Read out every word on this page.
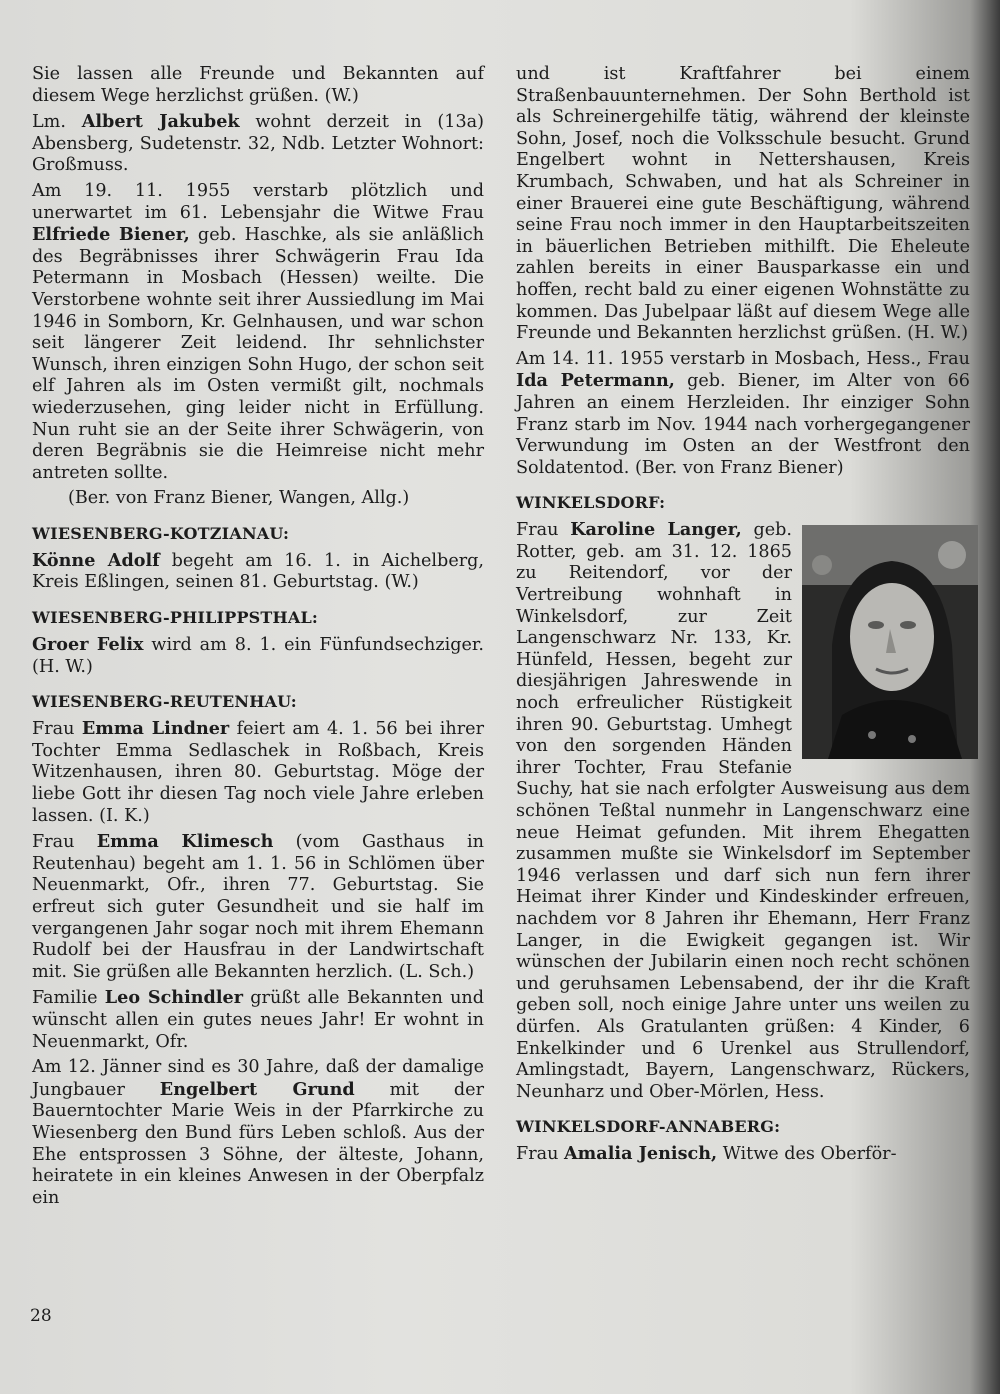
Sie lassen alle Freunde und Bekannten auf diesem Wege herzlichst grüßen. (W.)

Lm. Albert Jakubek wohnt derzeit in (13a) Abensberg, Sudetenstr. 32, Ndb. Letzter Wohnort: Großmuss.

Am 19. 11. 1955 verstarb plötzlich und unerwartet im 61. Lebensjahr die Witwe Frau Elfriede Biener, geb. Haschke, als sie anläßlich des Begräbnisses ihrer Schwägerin Frau Ida Petermann in Mosbach (Hessen) weilte. Die Verstorbene wohnte seit ihrer Aussiedlung im Mai 1946 in Somborn, Kr. Gelnhausen, und war schon seit längerer Zeit leidend. Ihr sehnlichster Wunsch, ihren einzigen Sohn Hugo, der schon seit elf Jahren als im Osten vermißt gilt, nochmals wiederzusehen, ging leider nicht in Erfüllung. Nun ruht sie an der Seite ihrer Schwägerin, von deren Begräbnis sie die Heimreise nicht mehr antreten sollte.

(Ber. von Franz Biener, Wangen, Allg.)

WIESENBERG-KOTZIANAU:

Könne Adolf begeht am 16. 1. in Aichelberg, Kreis Eßlingen, seinen 81. Geburtstag. (W.)

WIESENBERG-PHILIPPSTHAL:

Groer Felix wird am 8. 1. ein Fünfundsechziger. (H. W.)

WIESENBERG-REUTENHAU:

Frau Emma Lindner feiert am 4. 1. 56 bei ihrer Tochter Emma Sedlaschek in Roßbach, Kreis Witzenhausen, ihren 80. Geburtstag. Möge der liebe Gott ihr diesen Tag noch viele Jahre erleben lassen. (I. K.)

Frau Emma Klimesch (vom Gasthaus in Reutenhau) begeht am 1. 1. 56 in Schlömen über Neuenmarkt, Ofr., ihren 77. Geburtstag. Sie erfreut sich guter Gesundheit und sie half im vergangenen Jahr sogar noch mit ihrem Ehemann Rudolf bei der Hausfrau in der Landwirtschaft mit. Sie grüßen alle Bekannten herzlich. (L. Sch.)

Familie Leo Schindler grüßt alle Bekannten und wünscht allen ein gutes neues Jahr! Er wohnt in Neuenmarkt, Ofr.

Am 12. Jänner sind es 30 Jahre, daß der damalige Jungbauer Engelbert Grund mit der Bauerntochter Marie Weis in der Pfarrkirche zu Wiesenberg den Bund fürs Leben schloß. Aus der Ehe entsprossen 3 Söhne, der älteste, Johann, heiratete in ein kleines Anwesen in der Oberpfalz ein

und ist Kraftfahrer bei einem Straßenbauunternehmen. Der Sohn Berthold ist als Schreinergehilfe tätig, während der kleinste Sohn, Josef, noch die Volksschule besucht. Grund Engelbert wohnt in Nettershausen, Kreis Krumbach, Schwaben, und hat als Schreiner in einer Brauerei eine gute Beschäftigung, während seine Frau noch immer in den Hauptarbeitszeiten in bäuerlichen Betrieben mithilft. Die Eheleute zahlen bereits in einer Bausparkasse ein und hoffen, recht bald zu einer eigenen Wohnstätte zu kommen. Das Jubelpaar läßt auf diesem Wege alle Freunde und Bekannten herzlichst grüßen. (H. W.)

Am 14. 11. 1955 verstarb in Mosbach, Hess., Frau Ida Petermann, geb. Biener, im Alter von 66 Jahren an einem Herzleiden. Ihr einziger Sohn Franz starb im Nov. 1944 nach vorhergegangener Verwundung im Osten an der Westfront den Soldatentod. (Ber. von Franz Biener)

WINKELSDORF:

Frau Karoline Langer, geb. Rotter, geb. am 31. 12. 1865 zu Reitendorf, vor der Vertreibung wohnhaft in Winkelsdorf, zur Zeit Langenschwarz Nr. 133, Kr. Hünfeld, Hessen, begeht zur diesjährigen Jahreswende in noch erfreulicher Rüstigkeit ihren 90. Geburtstag. Umhegt von den sorgenden Händen ihrer Tochter, Frau Stefanie Suchy, hat sie nach erfolgter Ausweisung aus dem schönen Teßtal nunmehr in Langenschwarz eine neue Heimat gefunden. Mit ihrem Ehegatten zusammen mußte sie Winkelsdorf im September 1946 verlassen und darf sich nun fern ihrer Heimat ihrer Kinder und Kindeskinder erfreuen, nachdem vor 8 Jahren ihr Ehemann, Herr Franz Langer, in die Ewigkeit gegangen ist. Wir wünschen der Jubilarin einen noch recht schönen und geruhsamen Lebensabend, der ihr die Kraft geben soll, noch einige Jahre unter uns weilen zu dürfen. Als Gratulanten grüßen: 4 Kinder, 6 Enkelkinder und 6 Urenkel aus Strullendorf, Amlingstadt, Bayern, Langenschwarz, Rückers, Neunharz und Ober-Mörlen, Hess.

WINKELSDORF-ANNABERG:

Frau Amalia Jenisch, Witwe des Oberför-

28
